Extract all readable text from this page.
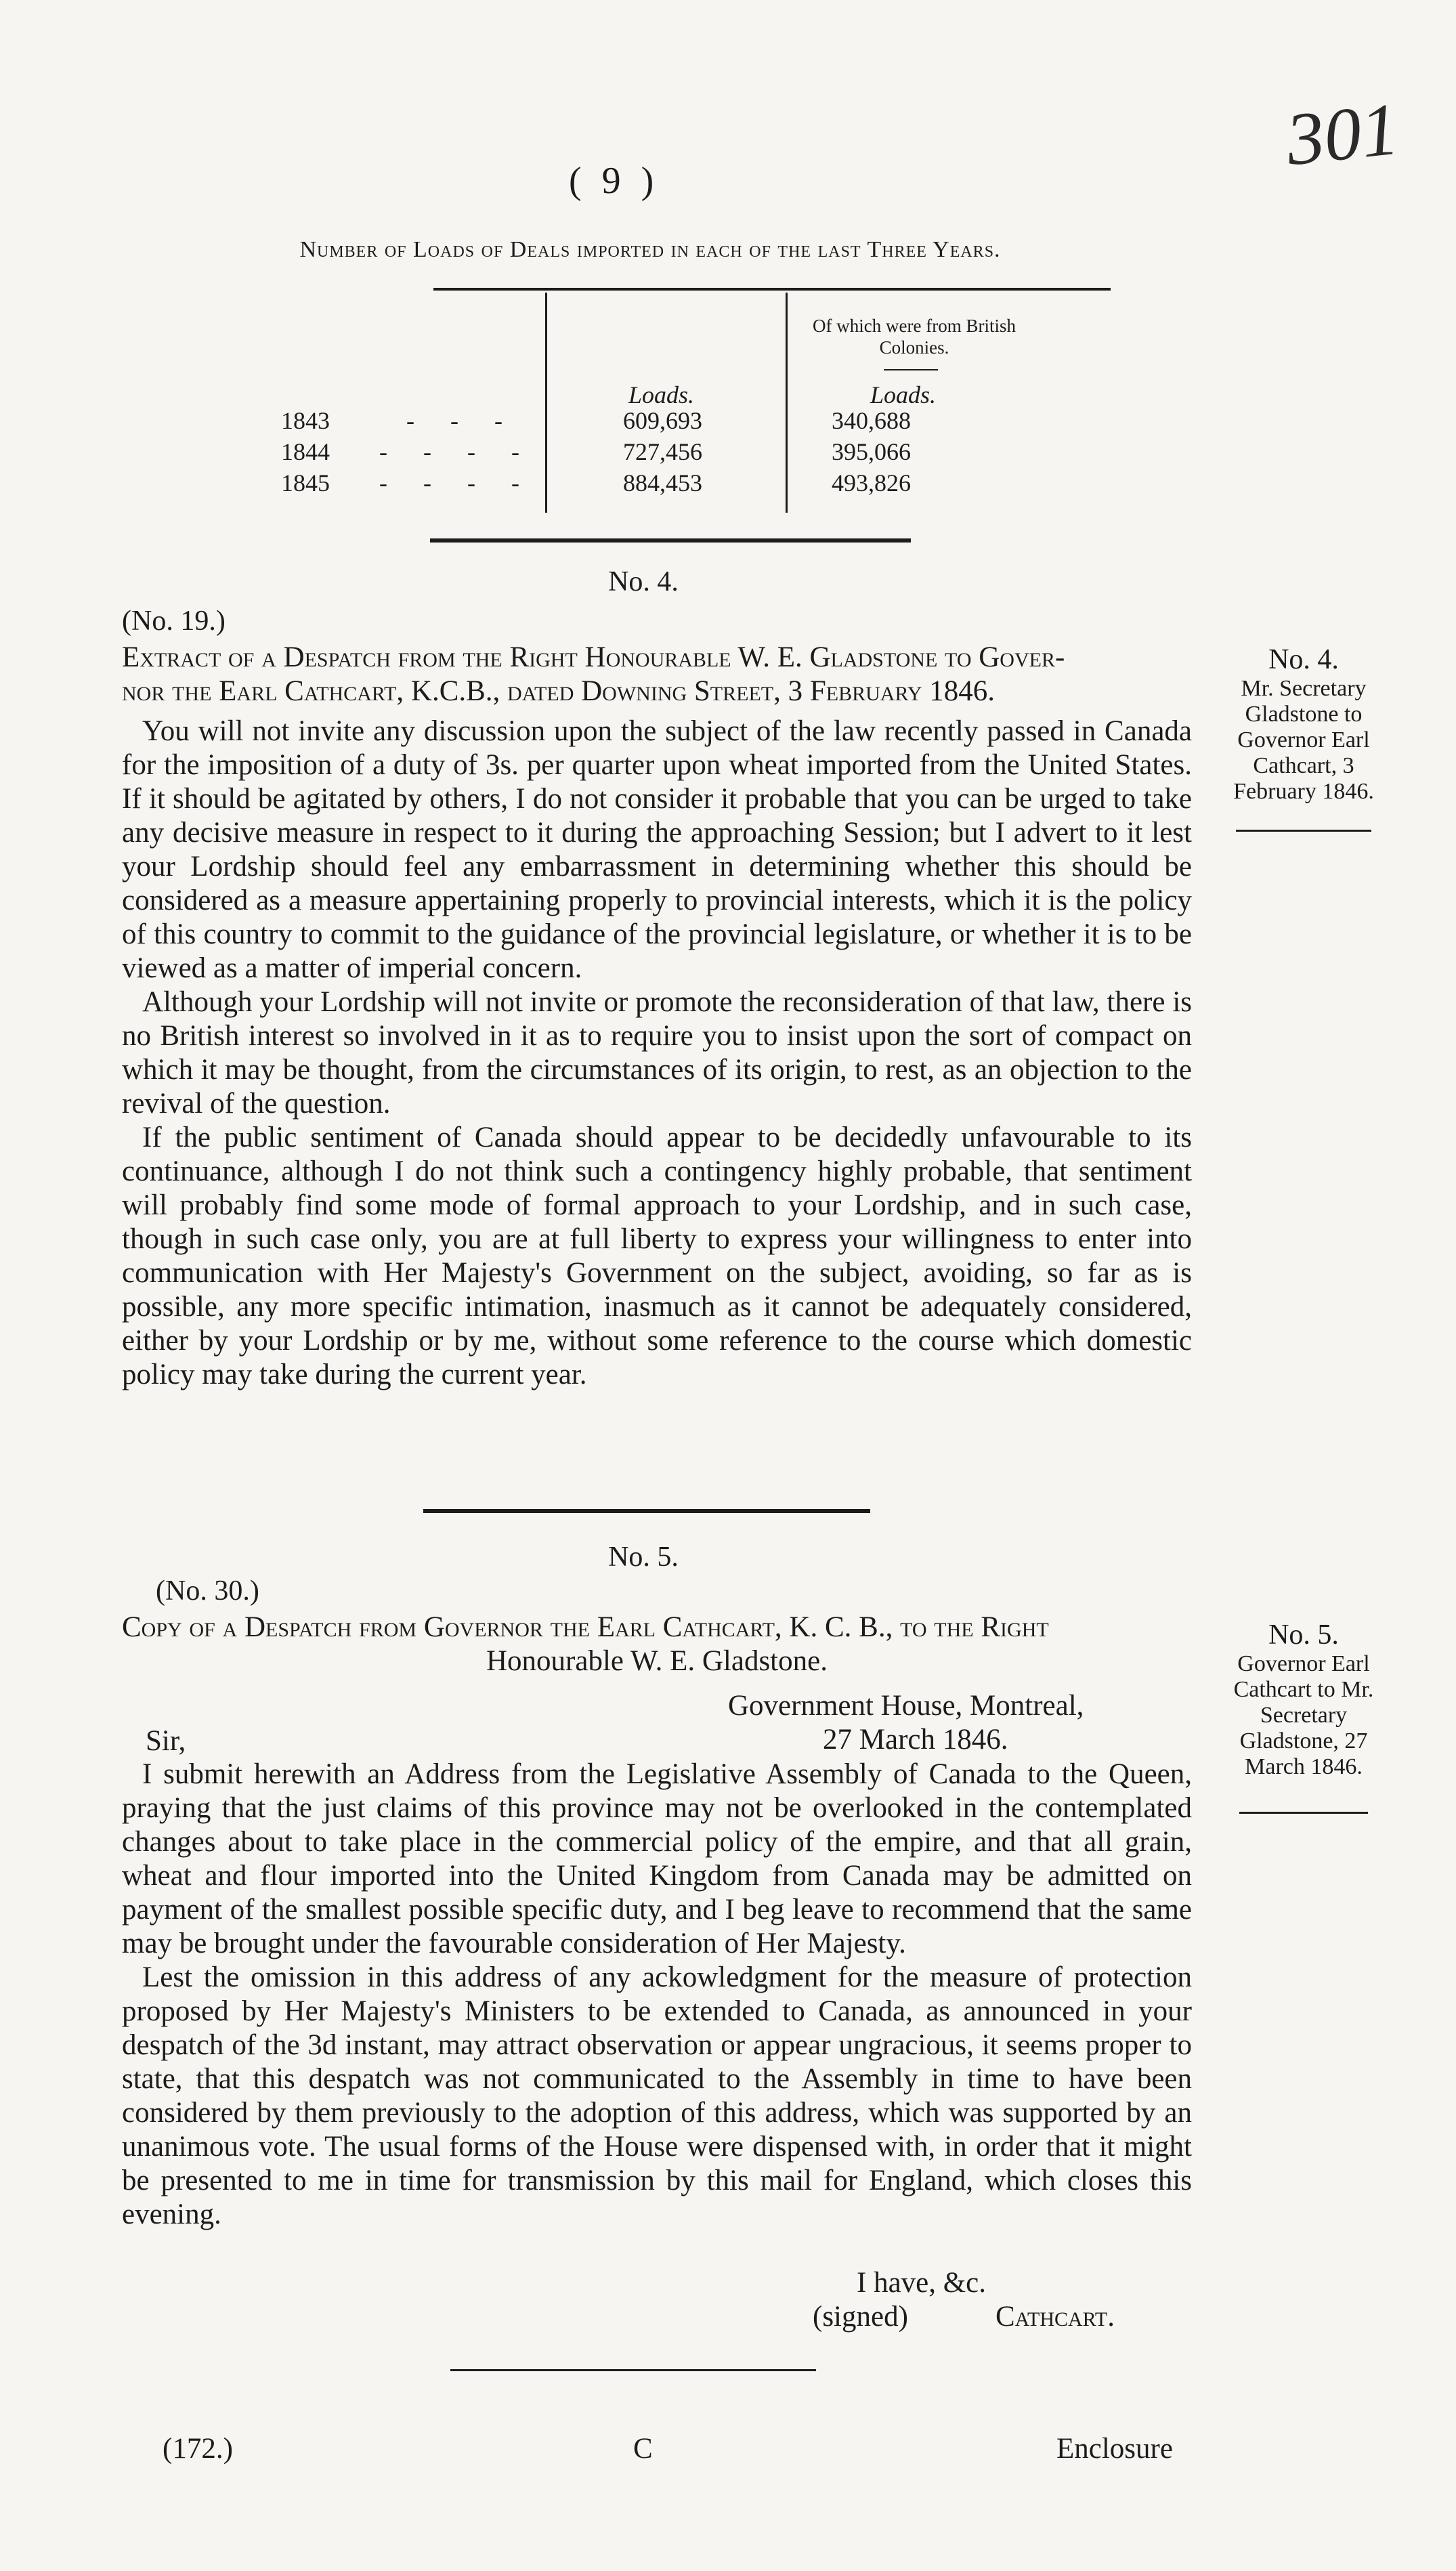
301
( 9 )
Number of Loads of Deals imported in each of the last Three Years.
Of which were from British Colonies.
Loads.	Loads.
1843	- - -	609,693	340,688
1844 - - - -	727,456	395,066
1845 - - - -	884,453	493,826
No. 4.
(No. 19.)
Extract of a Despatch from the Right Honourable W. E. Gladstone to Gover-
nor the Earl Cathcart, K.C.B., dated Downing Street, 3 February 1846.
No. 4.
Mr. Secretary Gladstone to Governor Earl Cathcart, 3 February 1846.

You will not invite any discussion upon the subject of the law recently passed in Canada for the imposition of a duty of 3s. per quarter upon wheat imported from the United States. If it should be agitated by others, I do not consider it probable that you can be urged to take any decisive measure in respect to it during the approaching Session; but I advert to it lest your Lordship should feel any embarrassment in determining whether this should be considered as a measure appertaining properly to provincial interests, which it is the policy of this country to commit to the guidance of the provincial legislature, or whether it is to be viewed as a matter of imperial concern.

Although your Lordship will not invite or promote the reconsideration of that law, there is no British interest so involved in it as to require you to insist upon the sort of compact on which it may be thought, from the circumstances of its origin, to rest, as an objection to the revival of the question.

If the public sentiment of Canada should appear to be decidedly unfavourable to its continuance, although I do not think such a contingency highly probable, that sentiment will probably find some mode of formal approach to your Lordship, and in such case, though in such case only, you are at full liberty to express your willingness to enter into communication with Her Majesty's Government on the subject, avoiding, so far as is possible, any more specific intimation, inasmuch as it cannot be adequately considered, either by your Lordship or by me, without some reference to the course which domestic policy may take during the current year.

No. 5.
(No. 30.)
Copy of a Despatch from Governor the Earl Cathcart, K. C. B., to the Right
Honourable W. E. Gladstone.
No. 5.
Governor Earl Cathcart to Mr. Secretary Gladstone, 27 March 1846.
Government House, Montreal,
27 March 1846.
Sir,

I submit herewith an Address from the Legislative Assembly of Canada to the Queen, praying that the just claims of this province may not be overlooked in the contemplated changes about to take place in the commercial policy of the empire, and that all grain, wheat and flour imported into the United Kingdom from Canada may be admitted on payment of the smallest possible specific duty, and I beg leave to recommend that the same may be brought under the favourable consideration of Her Majesty.

Lest the omission in this address of any ackowledgment for the measure of protection proposed by Her Majesty's Ministers to be extended to Canada, as announced in your despatch of the 3d instant, may attract observation or appear ungracious, it seems proper to state, that this despatch was not communicated to the Assembly in time to have been considered by them previously to the adoption of this address, which was supported by an unanimous vote. The usual forms of the House were dispensed with, in order that it might be presented to me in time for transmission by this mail for England, which closes this evening.

I have, &c.
(signed)	Cathcart.
(172.)	C	Enclosure
